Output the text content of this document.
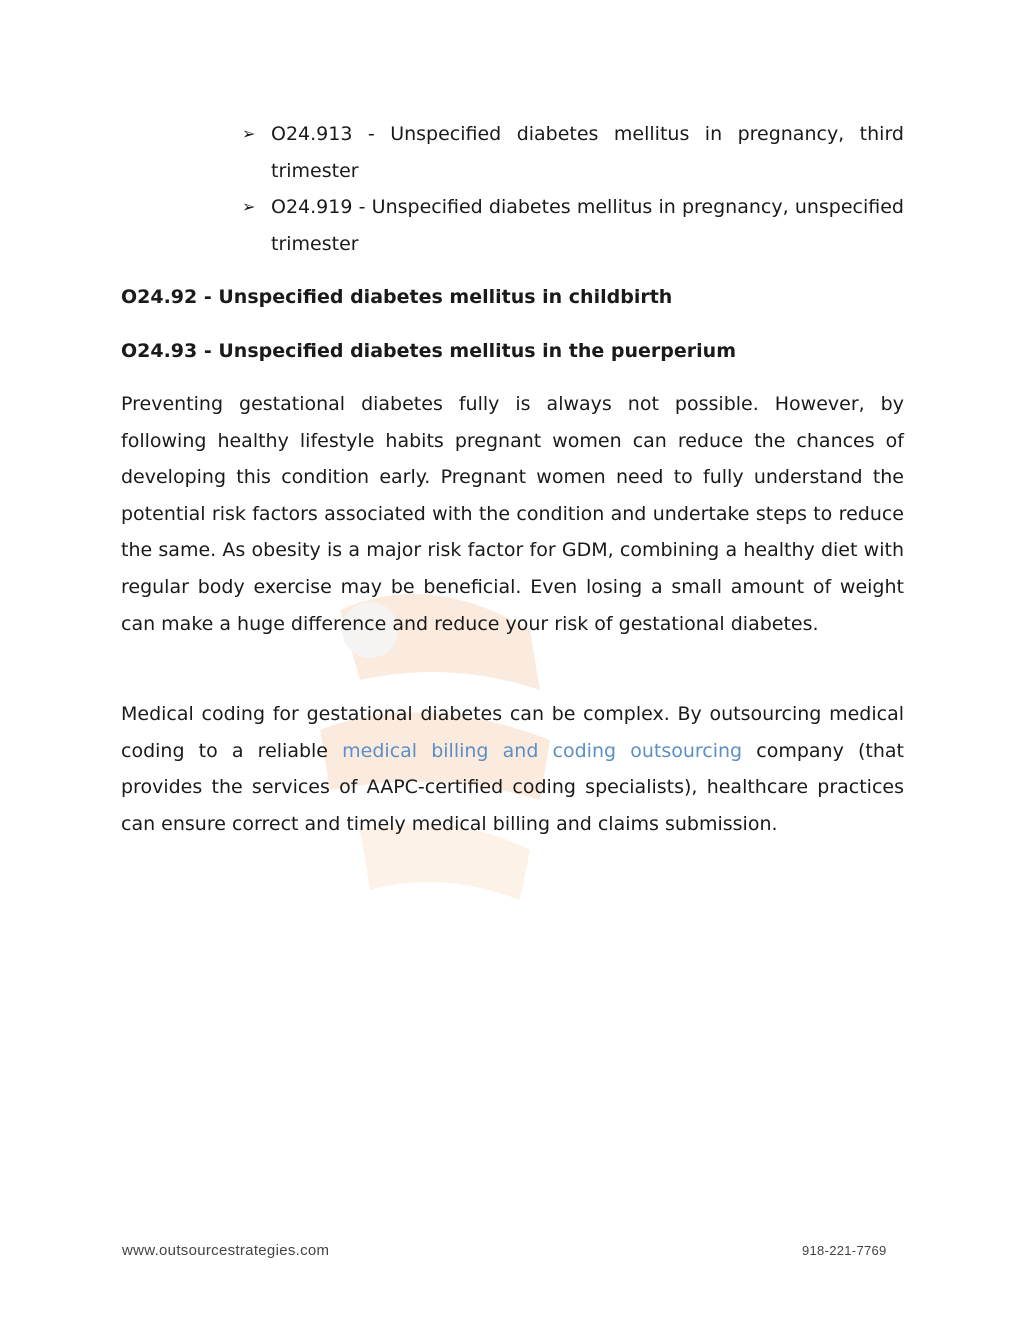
➢ O24.913 - Unspecified diabetes mellitus in pregnancy, third trimester
➢ O24.919 - Unspecified diabetes mellitus in pregnancy, unspecified trimester

O24.92 - Unspecified diabetes mellitus in childbirth

O24.93 - Unspecified diabetes mellitus in the puerperium

Preventing gestational diabetes fully is always not possible. However, by following healthy lifestyle habits pregnant women can reduce the chances of developing this condition early. Pregnant women need to fully understand the potential risk factors associated with the condition and undertake steps to reduce the same. As obesity is a major risk factor for GDM, combining a healthy diet with regular body exercise may be beneficial. Even losing a small amount of weight can make a huge difference and reduce your risk of gestational diabetes.

Medical coding for gestational diabetes can be complex. By outsourcing medical coding to a reliable medical billing and coding outsourcing company (that provides the services of AAPC-certified coding specialists), healthcare practices can ensure correct and timely medical billing and claims submission.

www.outsourcestrategies.com	918-221-7769
